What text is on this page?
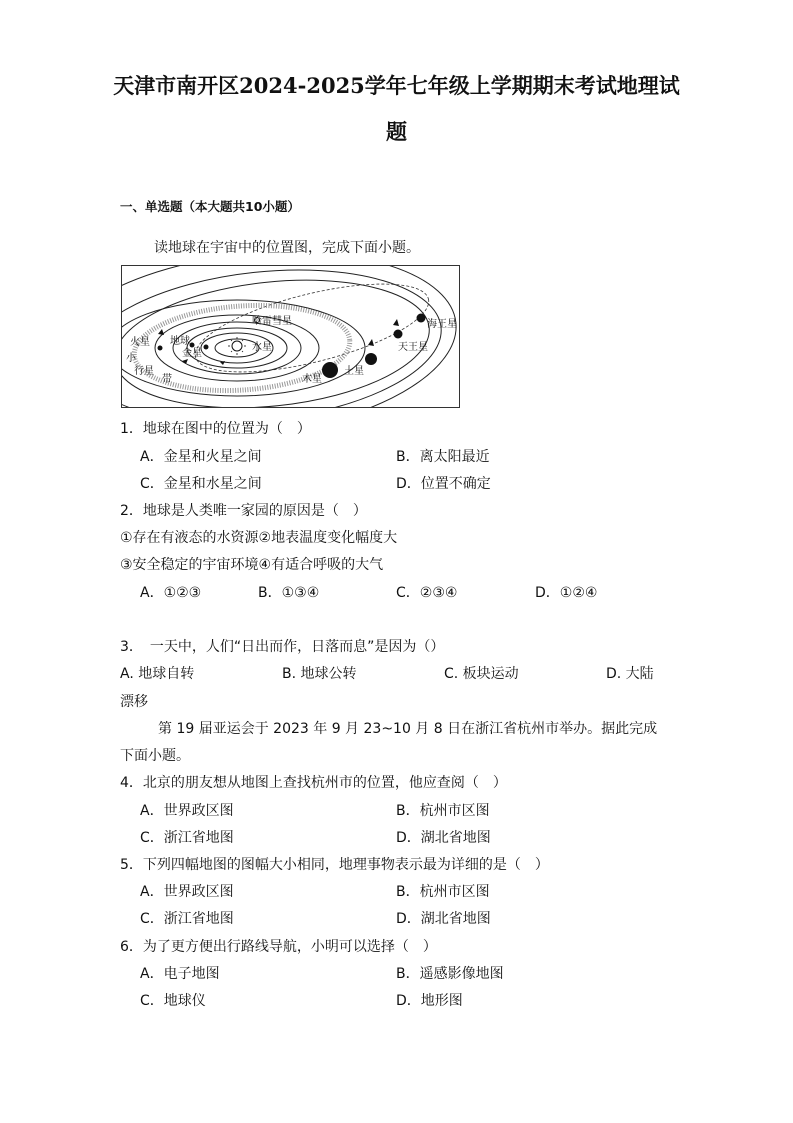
天津市南开区2024-2025学年七年级上学期期末考试地理试
题
一、单选题（本大题共10小题）
读地球在宇宙中的位置图，完成下面小题。
哈雷彗星
火星 地球
金星
水星
小
行星
带	木星
土星
天王星
海王星
1．地球在图中的位置为（　）
A．金星和火星之间	B．离太阳最近
C．金星和水星之间	D．位置不确定
2．地球是人类唯一家园的原因是（　）
①存在有液态的水资源②地表温度变化幅度大
③安全稳定的宇宙环境④有适合呼吸的大气
A．①②③	B．①③④	C．②③④	D．①②④
3．　一天中，人们“日出而作，日落而息”是因为（）
A. 地球自转	B. 地球公转	C. 板块运动	D. 大陆
漂移
第 19 届亚运会于 2023 年 9 月 23~10 月 8 日在浙江省杭州市举办。据此完成
下面小题。
4．北京的朋友想从地图上查找杭州市的位置，他应查阅（　）
A．世界政区图	B．杭州市区图
C．浙江省地图	D．湖北省地图
5．下列四幅地图的图幅大小相同，地理事物表示最为详细的是（　）
A．世界政区图	B．杭州市区图
C．浙江省地图	D．湖北省地图
6．为了更方便出行路线导航，小明可以选择（　）
A．电子地图	B．遥感影像地图
C．地球仪	D．地形图
